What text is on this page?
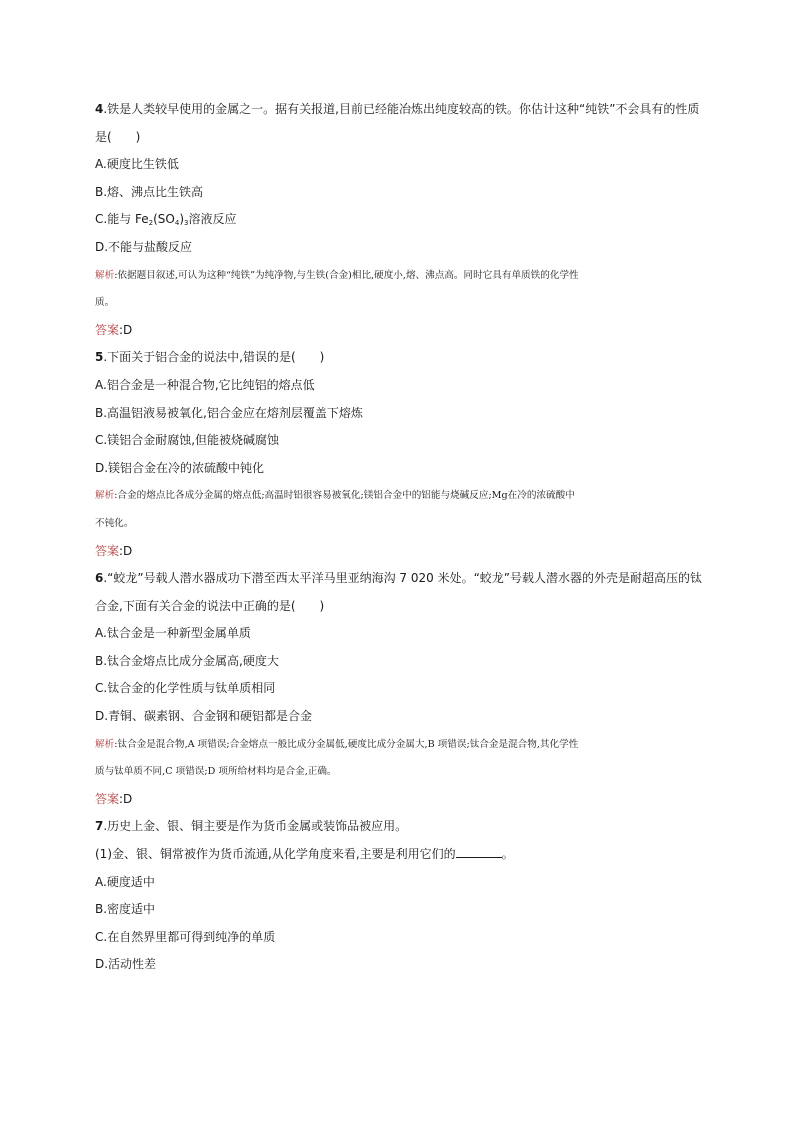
4.铁是人类较早使用的金属之一。据有关报道,目前已经能冶炼出纯度较高的铁。你估计这种“纯铁”不会具有的性质
是(　　)
A.硬度比生铁低
B.熔、沸点比生铁高
C.能与 $Fe_2(SO_4)_3$溶液反应
D.不能与盐酸反应
解析:依据题目叙述,可认为这种“纯铁”为纯净物,与生铁(合金)相比,硬度小,熔、沸点高。同时它具有单质铁的化学性
质。
答案:D
5.下面关于铝合金的说法中,错误的是(　　)
A.铝合金是一种混合物,它比纯铝的熔点低
B.高温铝液易被氧化,铝合金应在熔剂层覆盖下熔炼
C.镁铝合金耐腐蚀,但能被烧碱腐蚀
D.镁铝合金在冷的浓硫酸中钝化
解析:合金的熔点比各成分金属的熔点低;高温时铝很容易被氧化;镁铝合金中的铝能与烧碱反应;Mg在冷的浓硫酸中
不钝化。
答案:D
6.“蛟龙”号载人潜水器成功下潜至西太平洋马里亚纳海沟 7 020 米处。“蛟龙”号载人潜水器的外壳是耐超高压的钛
合金,下面有关合金的说法中正确的是(　　)
A.钛合金是一种新型金属单质
B.钛合金熔点比成分金属高,硬度大
C.钛合金的化学性质与钛单质相同
D.青铜、碳素钢、合金钢和硬铝都是合金
解析:钛合金是混合物,A 项错误;合金熔点一般比成分金属低,硬度比成分金属大,B 项错误;钛合金是混合物,其化学性
质与钛单质不同,C 项错误;D 项所给材料均是合金,正确。
答案:D
7.历史上金、银、铜主要是作为货币金属或装饰品被应用。
(1)金、银、铜常被作为货币流通,从化学角度来看,主要是利用它们的	。
A.硬度适中
B.密度适中
C.在自然界里都可得到纯净的单质
D.活动性差
